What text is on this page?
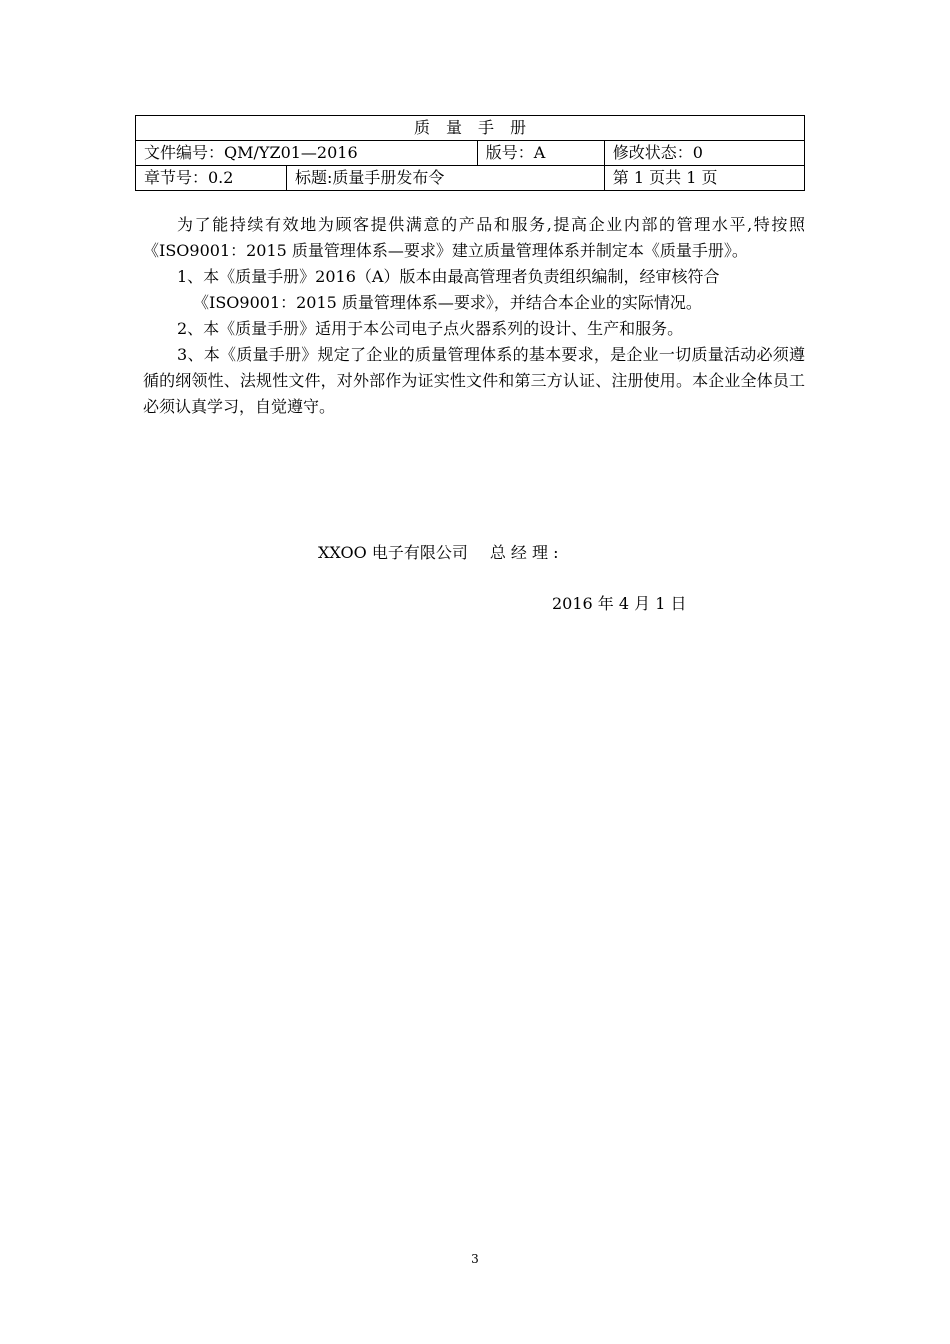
质　量　手　册			
文件编号：QM/YZ01—2016		版号：A	修改状态：0
章节号：0.2	标题:质量手册发布令		第 1 页共 1 页

为了能持续有效地为顾客提供满意的产品和服务,提高企业内部的管理水平,特按照《ISO9001：2015 质量管理体系—要求》建立质量管理体系并制定本《质量手册》。

1、本《质量手册》2016（A）版本由最高管理者负责组织编制，经审核符合

《ISO9001：2015 质量管理体系—要求》，并结合本企业的实际情况。

2、本《质量手册》适用于本公司电子点火器系列的设计、生产和服务。

3、本《质量手册》规定了企业的质量管理体系的基本要求，是企业一切质量活动必须遵循的纲领性、法规性文件，对外部作为证实性文件和第三方认证、注册使用。本企业全体员工必须认真学习，自觉遵守。

XXOO 电子有限公司 总 经 理 :
2016 年 4 月 1 日
3
